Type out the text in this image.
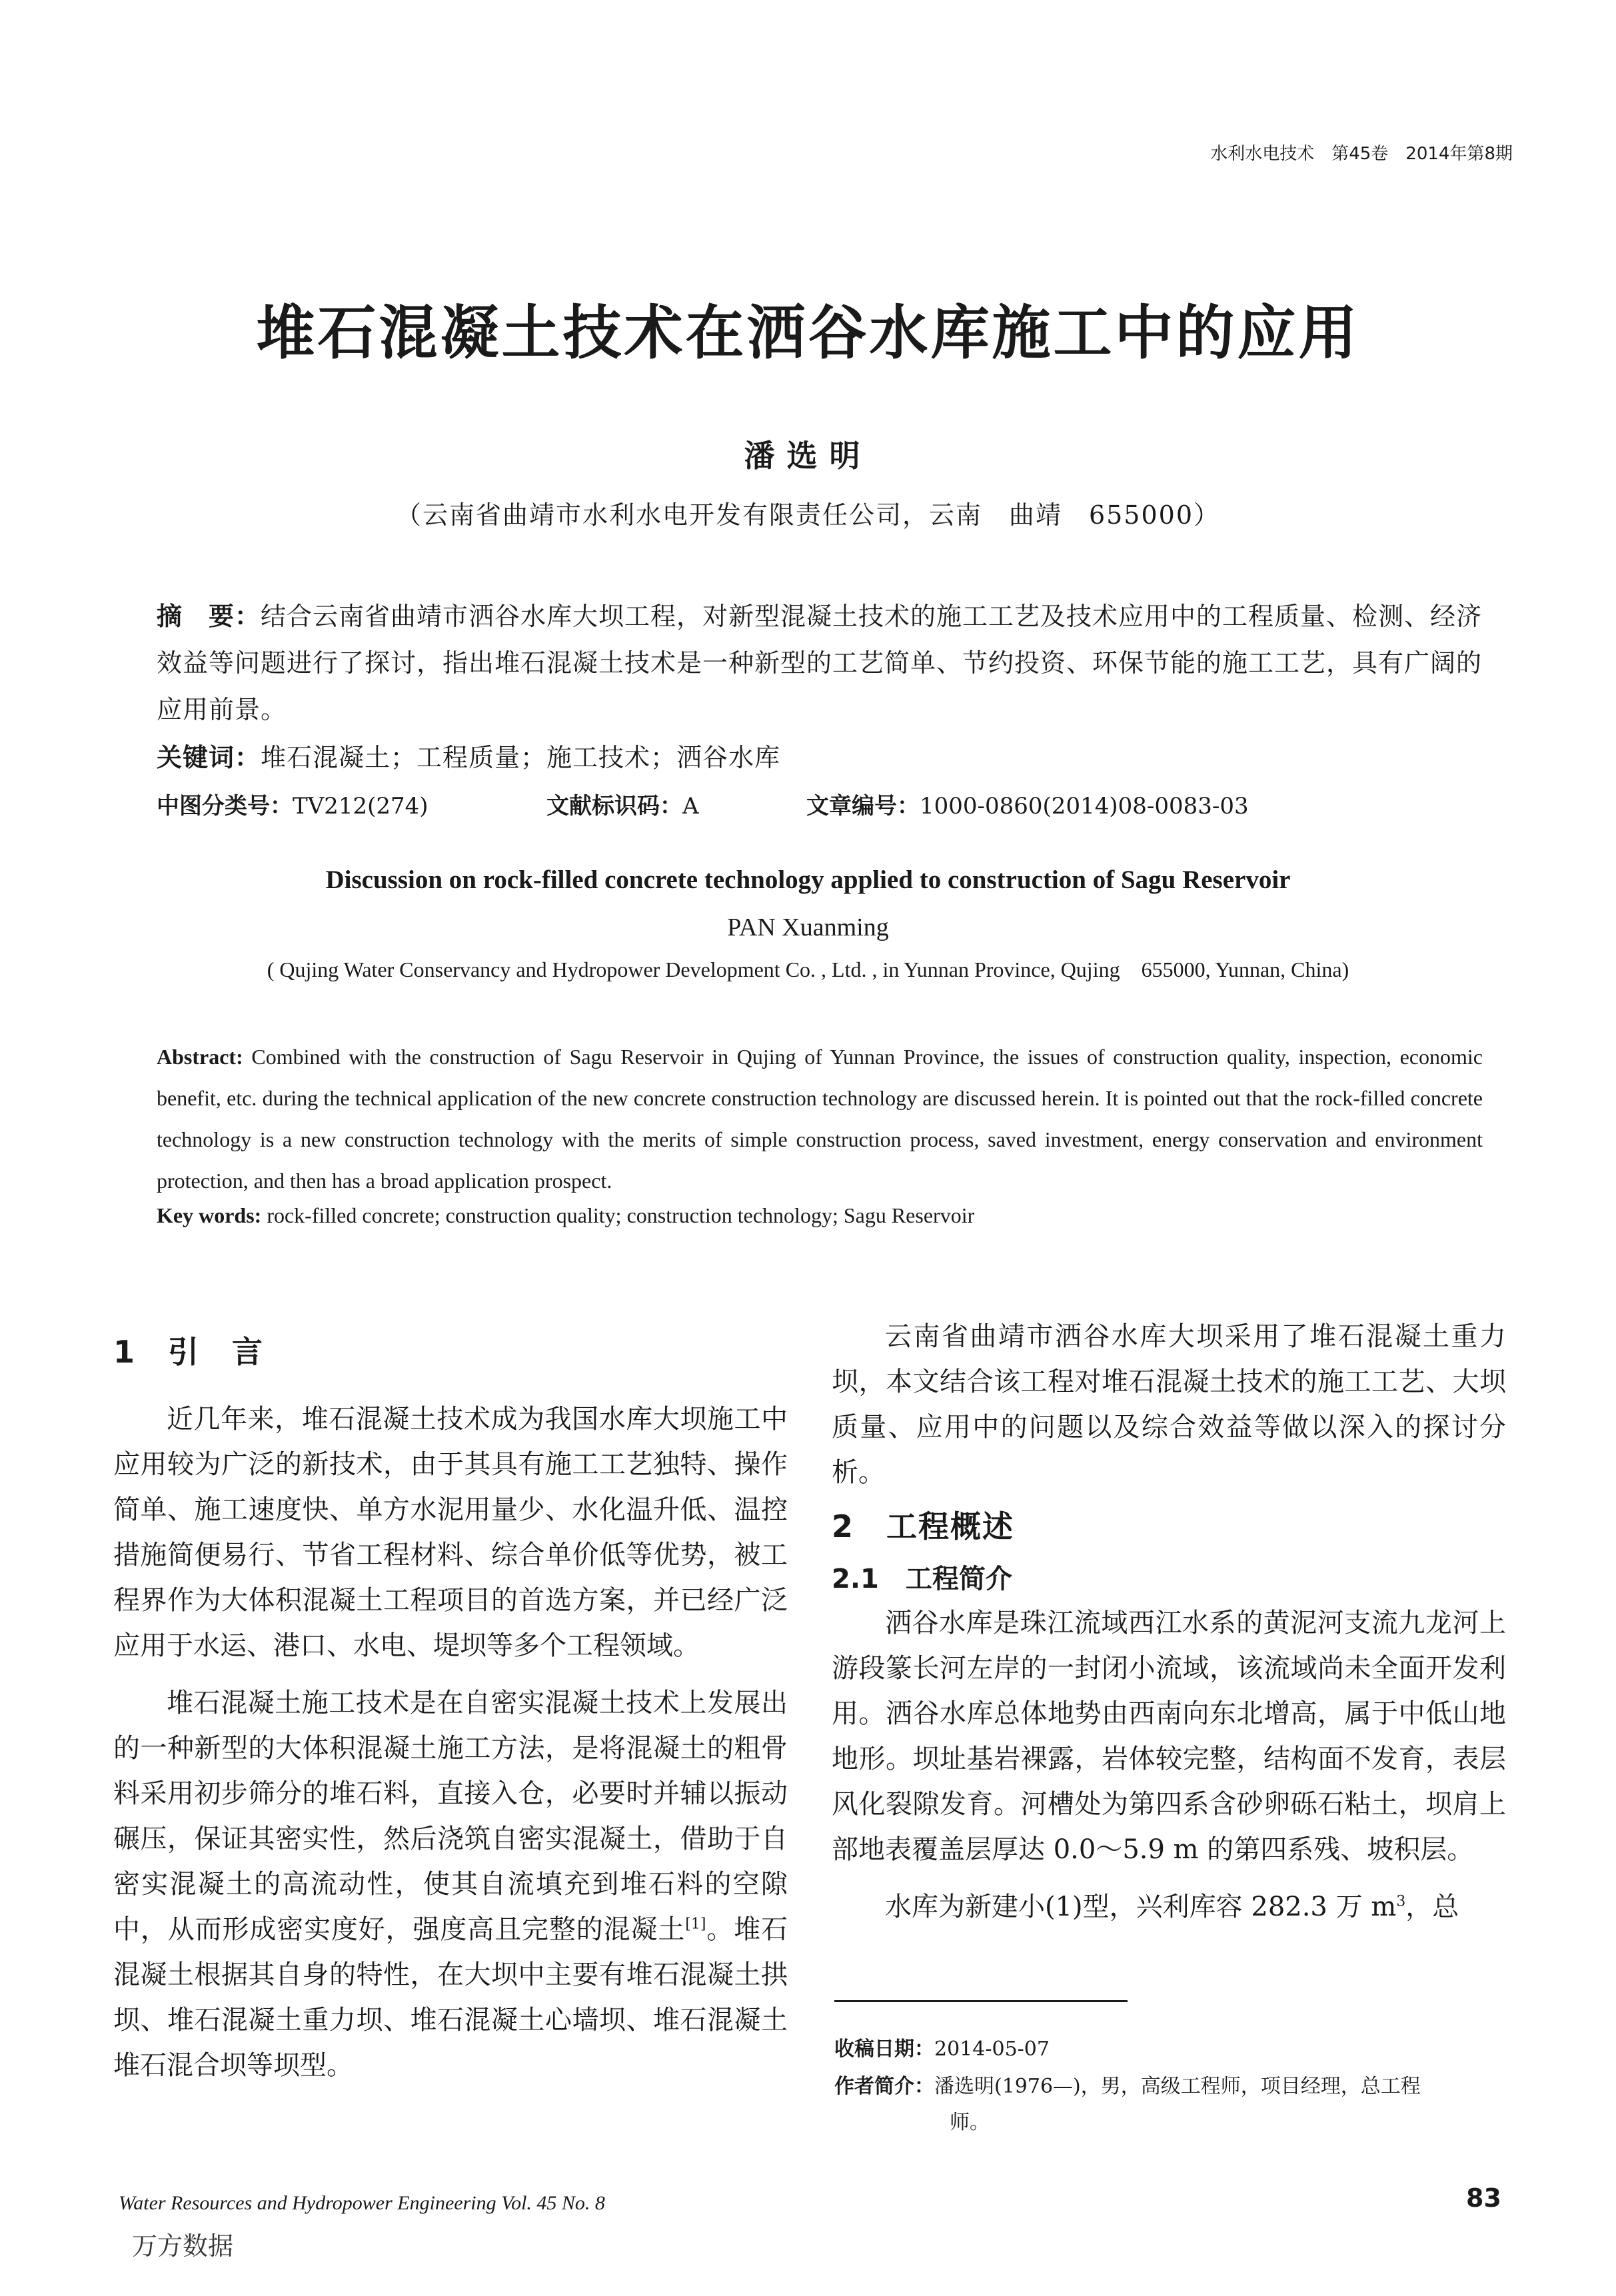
水利水电技术　第45卷　2014年第8期
堆石混凝土技术在洒谷水库施工中的应用
潘选明
（云南省曲靖市水利水电开发有限责任公司，云南　曲靖　655000）
摘　要：结合云南省曲靖市洒谷水库大坝工程，对新型混凝土技术的施工工艺及技术应用中的工程质量、检测、经济效益等问题进行了探讨，指出堆石混凝土技术是一种新型的工艺简单、节约投资、环保节能的施工工艺，具有广阔的应用前景。
关键词：堆石混凝土；工程质量；施工技术；洒谷水库
中图分类号：TV212(274)	文献标识码：A	文章编号：1000-0860(2014)08-0083-03
Discussion on rock-filled concrete technology applied to construction of Sagu Reservoir
PAN Xuanming
( Qujing Water Conservancy and Hydropower Development Co. , Ltd. , in Yunnan Province, Qujing　655000, Yunnan, China)
Abstract: Combined with the construction of Sagu Reservoir in Qujing of Yunnan Province, the issues of construction quality, inspection, economic benefit, etc. during the technical application of the new concrete construction technology are discussed herein. It is pointed out that the rock-filled concrete technology is a new construction technology with the merits of simple construction process, saved investment, energy conservation and environment protection, and then has a broad application prospect.
Key words: rock-filled concrete; construction quality; construction technology; Sagu Reservoir
1　引　言

近几年来，堆石混凝土技术成为我国水库大坝施工中应用较为广泛的新技术，由于其具有施工工艺独特、操作简单、施工速度快、单方水泥用量少、水化温升低、温控措施简便易行、节省工程材料、综合单价低等优势，被工程界作为大体积混凝土工程项目的首选方案，并已经广泛应用于水运、港口、水电、堤坝等多个工程领域。

堆石混凝土施工技术是在自密实混凝土技术上发展出的一种新型的大体积混凝土施工方法，是将混凝土的粗骨料采用初步筛分的堆石料，直接入仓，必要时并辅以振动碾压，保证其密实性，然后浇筑自密实混凝土，借助于自密实混凝土的高流动性，使其自流填充到堆石料的空隙中，从而形成密实度好，强度高且完整的混凝土[1]。堆石混凝土根据其自身的特性，在大坝中主要有堆石混凝土拱坝、堆石混凝土重力坝、堆石混凝土心墙坝、堆石混凝土堆石混合坝等坝型。

云南省曲靖市洒谷水库大坝采用了堆石混凝土重力坝，本文结合该工程对堆石混凝土技术的施工工艺、大坝质量、应用中的问题以及综合效益等做以深入的探讨分析。

2　工程概述
2.1　工程简介

洒谷水库是珠江流域西江水系的黄泥河支流九龙河上游段篆长河左岸的一封闭小流域，该流域尚未全面开发利用。洒谷水库总体地势由西南向东北增高，属于中低山地地形。坝址基岩裸露，岩体较完整，结构面不发育，表层风化裂隙发育。河槽处为第四系含砂卵砾石粘土，坝肩上部地表覆盖层厚达 0.0～5.9 m 的第四系残、坡积层。

水库为新建小(1)型，兴利库容 282.3 万 $m^3$，总

收稿日期：2014-05-07
作者简介：潘选明(1976—)，男，高级工程师，项目经理，总工程
师。
Water Resources and Hydropower Engineering Vol. 45 No. 8	83
万方数据
